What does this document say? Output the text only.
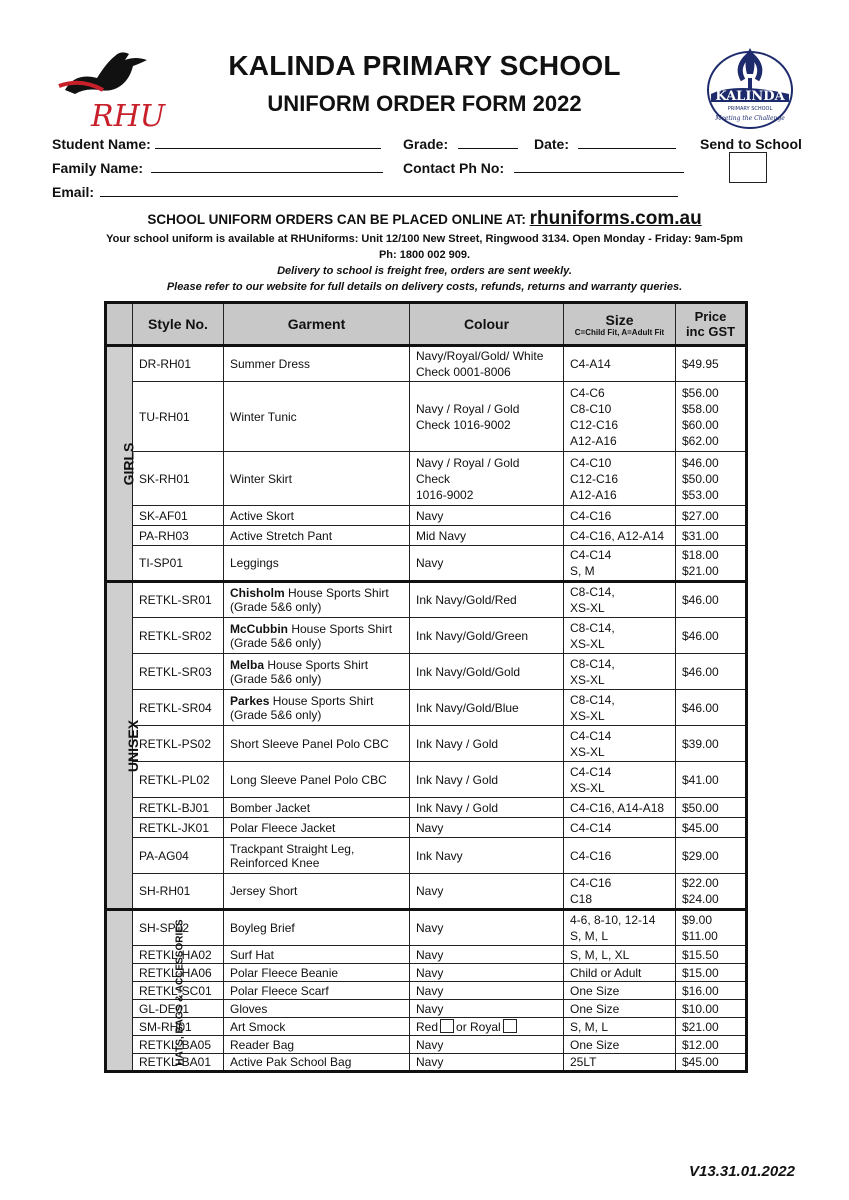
RHU
KALINDA
PRIMARY SCHOOL
Meeting the Challenge
KALINDA PRIMARY SCHOOL
UNIFORM ORDER FORM 2022
Student Name:	Grade:	Date:	Send to School
Family Name:	Contact Ph No:
Email:
SCHOOL UNIFORM ORDERS CAN BE PLACED ONLINE AT: rhuniforms.com.au
Your school uniform is available at RHUniforms: Unit 12/100 New Street, Ringwood 3134. Open Monday - Friday: 9am-5pm
Ph: 1800 002 909.
Delivery to school is freight free, orders are sent weekly.
Please refer to our website for full details on delivery costs, refunds, returns and warranty queries.
	Style No.	Garment	Colour	Size
C=Child Fit, A=Adult Fit	Price
inc GST
GIRLS	DR-RH01	Summer Dress	Navy/Royal/Gold/ White
Check 0001-8006	C4-A14	$49.95
	TU-RH01	Winter Tunic	Navy / Royal / Gold
Check 1016-9002	C4-C6
C8-C10
C12-C16
A12-A16	$56.00
$58.00
$60.00
$62.00
	SK-RH01	Winter Skirt	Navy / Royal / Gold
Check
1016-9002	C4-C10
C12-C16
A12-A16	$46.00
$50.00
$53.00
	SK-AF01	Active Skort	Navy	C4-C16	$27.00
	PA-RH03	Active Stretch Pant	Mid Navy	C4-C16, A12-A14	$31.00
	TI-SP01	Leggings	Navy	C4-C14
S, M	$18.00
$21.00
UNISEX	RETKL-SR01	Chisholm House Sports Shirt
(Grade 5&6 only)	Ink Navy/Gold/Red	C8-C14,
XS-XL	$46.00
	RETKL-SR02	McCubbin House Sports Shirt
(Grade 5&6 only)	Ink Navy/Gold/Green	C8-C14,
XS-XL	$46.00
	RETKL-SR03	Melba House Sports Shirt
(Grade 5&6 only)	Ink Navy/Gold/Gold	C8-C14,
XS-XL	$46.00
	RETKL-SR04	Parkes House Sports Shirt
(Grade 5&6 only)	Ink Navy/Gold/Blue	C8-C14,
XS-XL	$46.00
	RETKL-PS02	Short Sleeve Panel Polo CBC	Ink Navy / Gold	C4-C14
XS-XL	$39.00
	RETKL-PL02	Long Sleeve Panel Polo CBC	Ink Navy / Gold	C4-C14
XS-XL	$41.00
	RETKL-BJ01	Bomber Jacket	Ink Navy / Gold	C4-C16, A14-A18	$50.00
	RETKL-JK01	Polar Fleece Jacket	Navy	C4-C14	$45.00
	PA-AG04	Trackpant Straight Leg,
Reinforced Knee	Ink Navy	C4-C16	$29.00
	SH-RH01	Jersey Short	Navy	C4-C16
C18	$22.00
$24.00
HATS, BAGS & ACCESSORIES	SH-SP02	Boyleg Brief	Navy	4-6, 8-10, 12-14
S, M, L	$9.00
$11.00
	RETKL-HA02	Surf Hat	Navy	S, M, L, XL	$15.50
	RETKL-HA06	Polar Fleece Beanie	Navy	Child or Adult	$15.00
	RETKL-SC01	Polar Fleece Scarf	Navy	One Size	$16.00
	GL-DE01	Gloves	Navy	One Size	$10.00
	SM-RH01	Art Smock	Red or Royal	S, M, L	$21.00
	RETKL-BA05	Reader Bag	Navy	One Size	$12.00
	RETKL-BA01	Active Pak School Bag	Navy	25LT	$45.00
V13.31.01.2022
